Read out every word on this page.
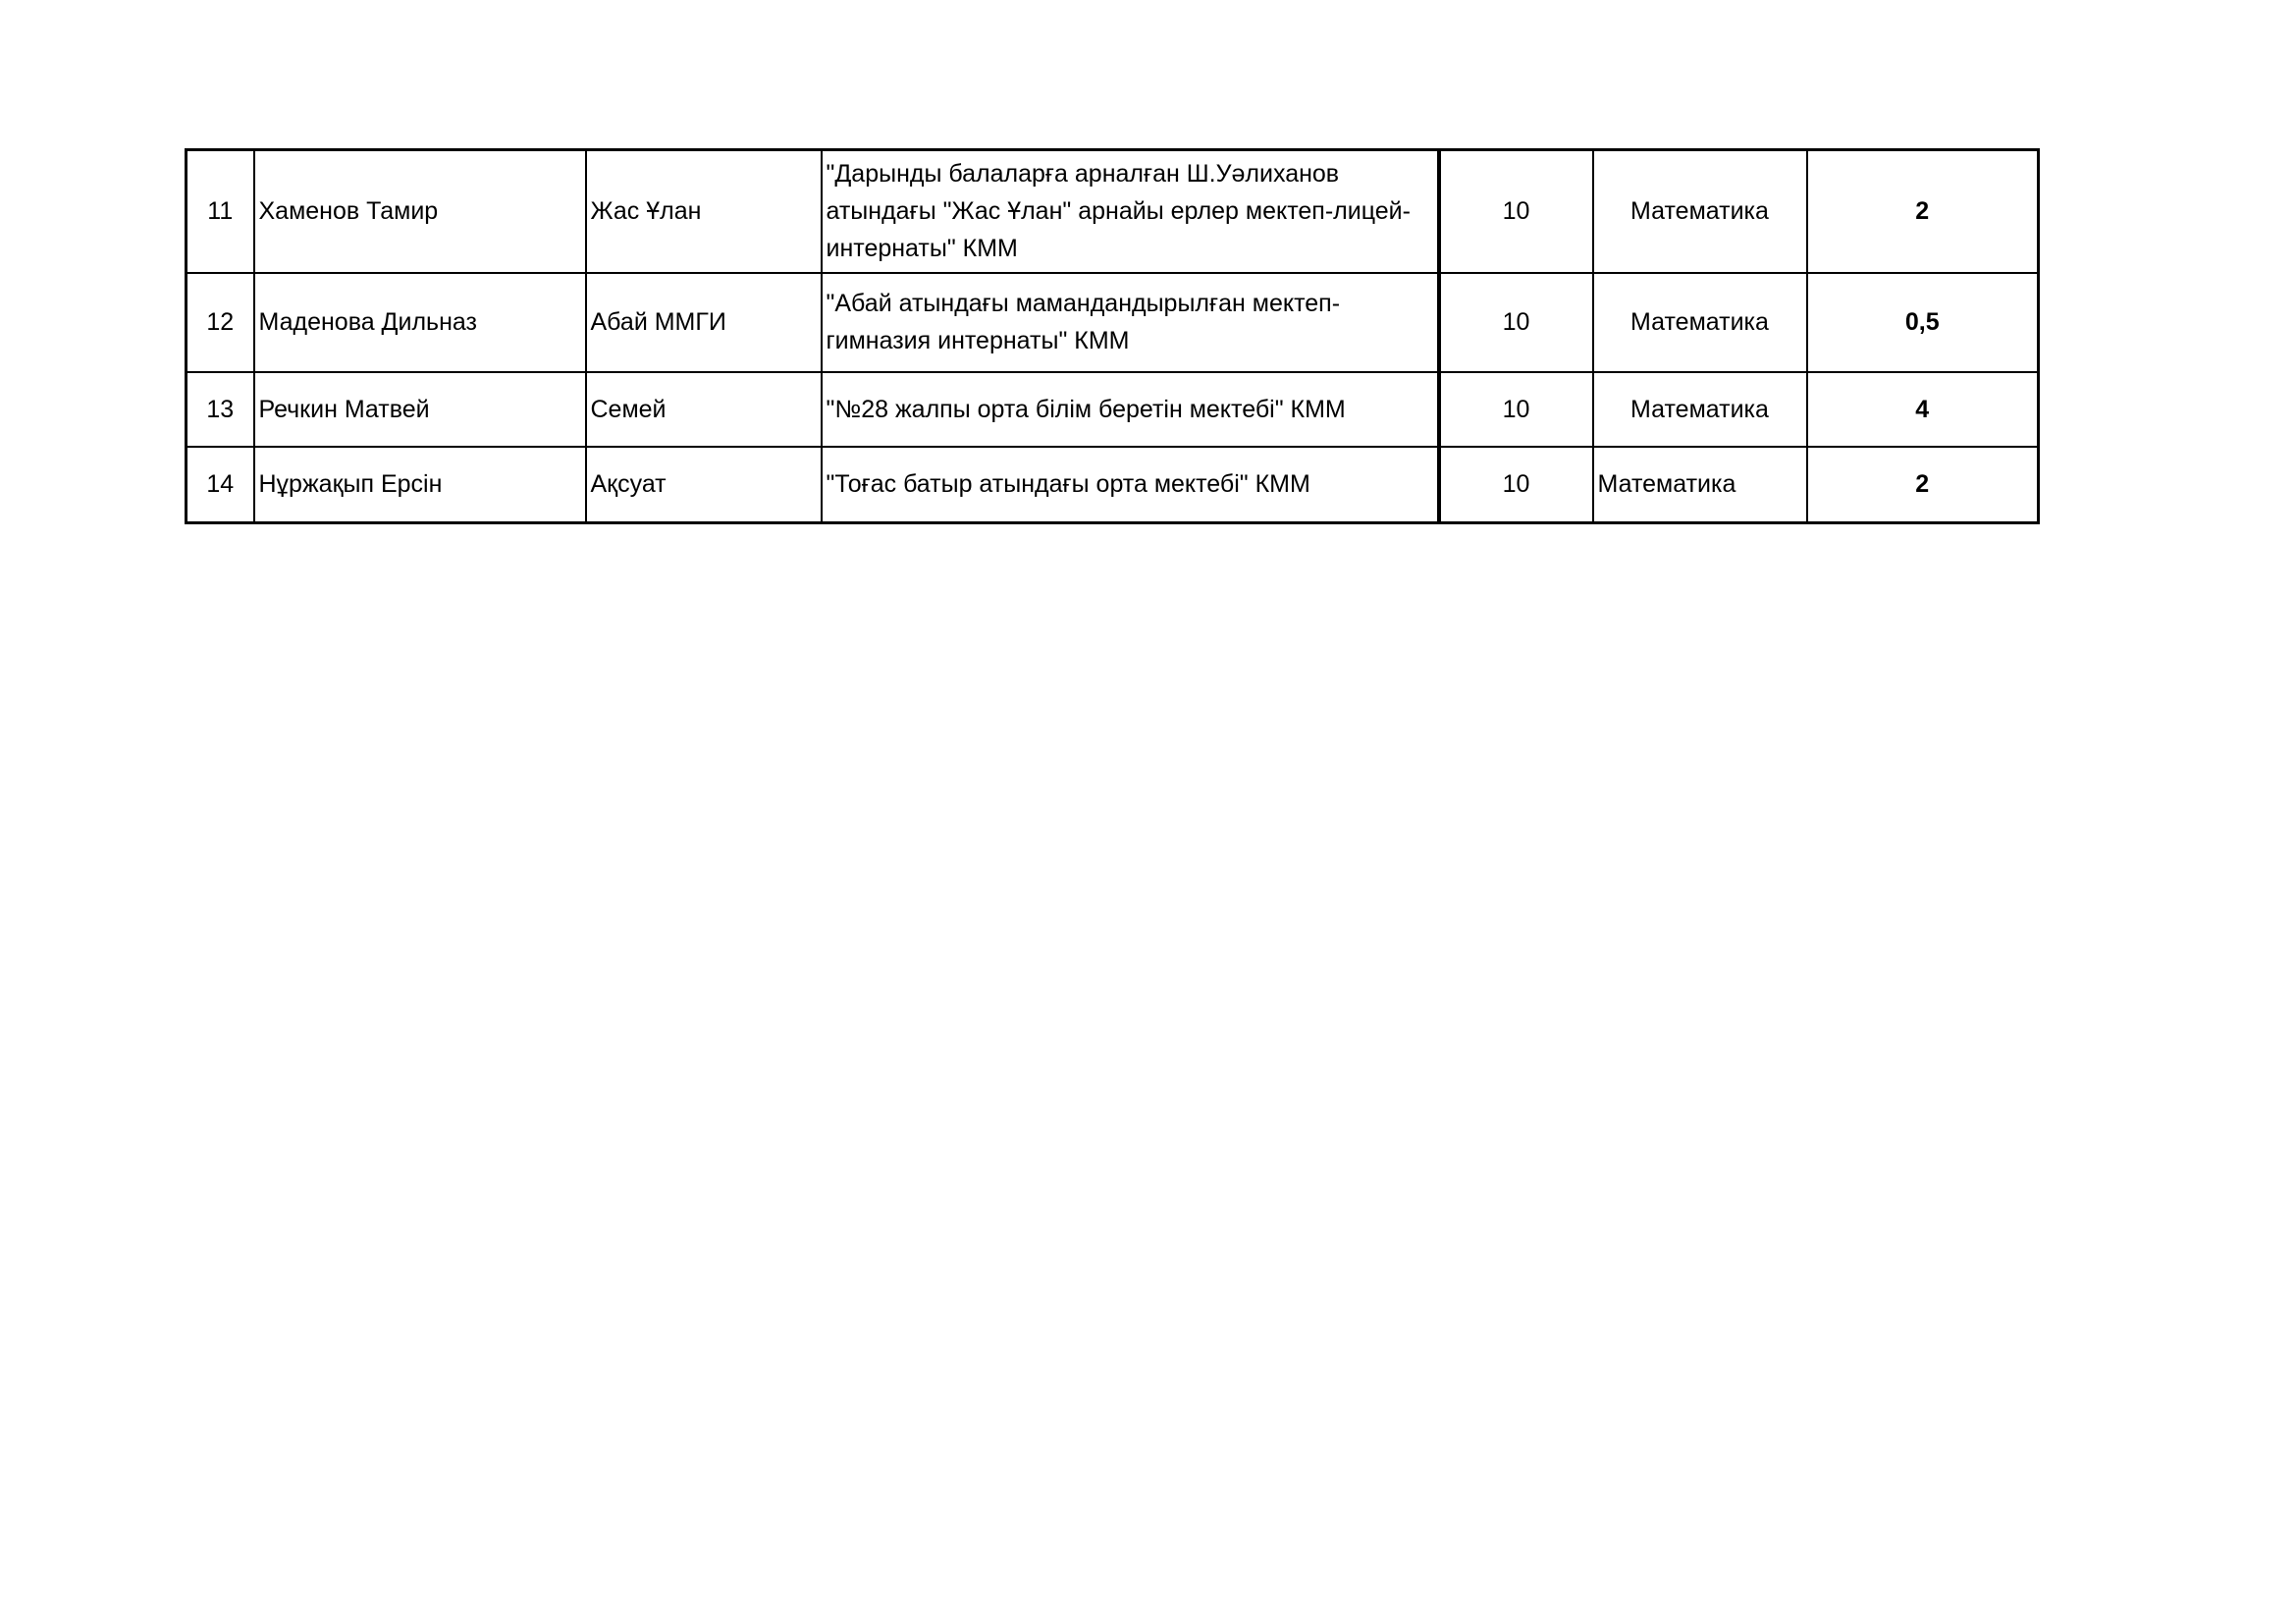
11	Хаменов Тамир	Жас Ұлан	"Дарынды балаларға арналған Ш.Уәлиханов атындағы "Жас Ұлан" арнайы ерлер мектеп-лицей-интернаты" КММ	10	Математика	2
12	Маденова Дильназ	Абай ММГИ	"Абай атындағы мамандандырылған мектеп-гимназия интернаты" КММ	10	Математика	0,5
13	Речкин Матвей	Семей	"№28 жалпы орта білім беретін мектебі" КММ	10	Математика	4
14	Нұржақып Ерсін	Ақсуат	"Тоғас батыр атындағы орта мектебі" КММ	10	Математика	2
